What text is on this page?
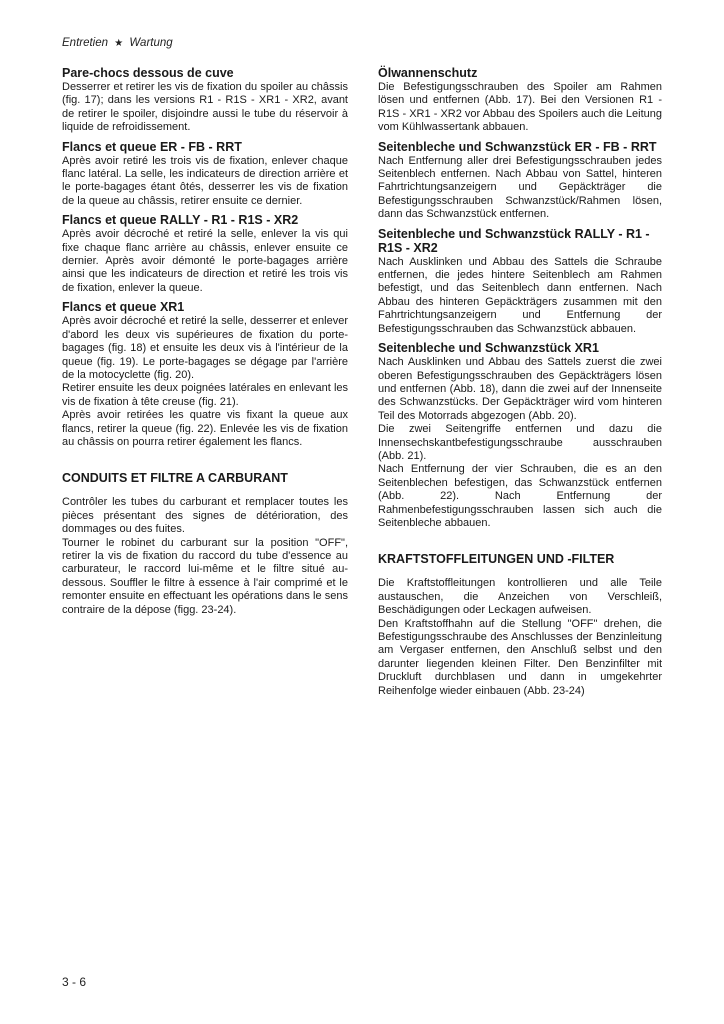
Entretien ★ Wartung
Pare-chocs dessous de cuve

Desserrer et retirer les vis de fixation du spoiler au châssis (fig. 17); dans les versions R1 - R1S - XR1 - XR2, avant de retirer le spoiler, disjoindre aussi le tube du réservoir à liquide de refroidissement.

Flancs et queue ER - FB - RRT

Après avoir retiré les trois vis de fixation, enlever chaque flanc latéral. La selle, les indicateurs de direction arrière et le porte-bagages étant ôtés, desserrer les vis de fixation de la queue au châssis, retirer ensuite ce dernier.

Flancs et queue RALLY - R1 - R1S - XR2

Après avoir décroché et retiré la selle, enlever la vis qui fixe chaque flanc arrière au châssis, enlever ensuite ce dernier. Après avoir démonté le porte-bagages arrière ainsi que les indicateurs de direction et retiré les trois vis de fixation, enlever la queue.

Flancs et queue XR1

Après avoir décroché et retiré la selle, desserrer et enlever d'abord les deux vis supérieures de fixation du porte-bagages (fig. 18) et ensuite les deux vis à l'intérieur de la queue (fig. 19). Le porte-bagages se dégage par l'arrière de la motocyclette (fig. 20).
Retirer ensuite les deux poignées latérales en enlevant les vis de fixation à tête creuse (fig. 21).
Après avoir retirées les quatre vis fixant la queue aux flancs, retirer la queue (fig. 22). Enlevée les vis de fixation au châssis on pourra retirer également les flancs.

CONDUITS ET FILTRE A CARBURANT

Contrôler les tubes du carburant et remplacer toutes les pièces présentant des signes de détérioration, des dommages ou des fuites.
Tourner le robinet du carburant sur la position "OFF", retirer la vis de fixation du raccord du tube d'essence au carburateur, le raccord lui-même et le filtre situé au-dessous. Souffler le filtre à essence à l'air comprimé et le remonter ensuite en effectuant les opérations dans le sens contraire de la dépose (figg. 23-24).

Ölwannenschutz

Die Befestigungsschrauben des Spoiler am Rahmen lösen und entfernen (Abb. 17). Bei den Versionen R1 - R1S - XR1 - XR2 vor Abbau des Spoilers auch die Leitung vom Kühlwassertank abbauen.

Seitenbleche und Schwanzstück ER - FB - RRT

Nach Entfernung aller drei Befestigungsschrauben jedes Seitenblech entfernen. Nach Abbau von Sattel, hinteren Fahrtrichtungsanzeigern und Gepäckträger die Befestigungsschrauben Schwanzstück/Rahmen lösen, dann das Schwanzstück entfernen.

Seitenbleche und Schwanzstück RALLY - R1 - R1S - XR2

Nach Ausklinken und Abbau des Sattels die Schraube entfernen, die jedes hintere Seitenblech am Rahmen befestigt, und das Seitenblech dann entfernen. Nach Abbau des hinteren Gepäckträgers zusammen mit den Fahrtrichtungsanzeigern und Entfernung der Befestigungsschrauben das Schwanzstück abbauen.

Seitenbleche und Schwanzstück XR1

Nach Ausklinken und Abbau des Sattels zuerst die zwei oberen Befestigungsschrauben des Gepäckträgers lösen und entfernen (Abb. 18), dann die zwei auf der Innenseite des Schwanzstücks. Der Gepäckträger wird vom hinteren Teil des Motorrads abgezogen (Abb. 20).
Die zwei Seitengriffe entfernen und dazu die Innensechskantbefestigungsschraube ausschrauben (Abb. 21).
Nach Entfernung der vier Schrauben, die es an den Seitenblechen befestigen, das Schwanzstück entfernen (Abb. 22). Nach Entfernung der Rahmenbefestigungsschrauben lassen sich auch die Seitenbleche abbauen.

KRAFTSTOFFLEITUNGEN UND -FILTER

Die Kraftstoffleitungen kontrollieren und alle Teile austauschen, die Anzeichen von Verschleiß, Beschädigungen oder Leckagen aufweisen.
Den Kraftstoffhahn auf die Stellung "OFF" drehen, die Befestigungsschraube des Anschlusses der Benzinleitung am Vergaser entfernen, den Anschluß selbst und den darunter liegenden kleinen Filter. Den Benzinfilter mit Druckluft durchblasen und dann in umgekehrter Reihenfolge wieder einbauen (Abb. 23-24)

3 - 6
